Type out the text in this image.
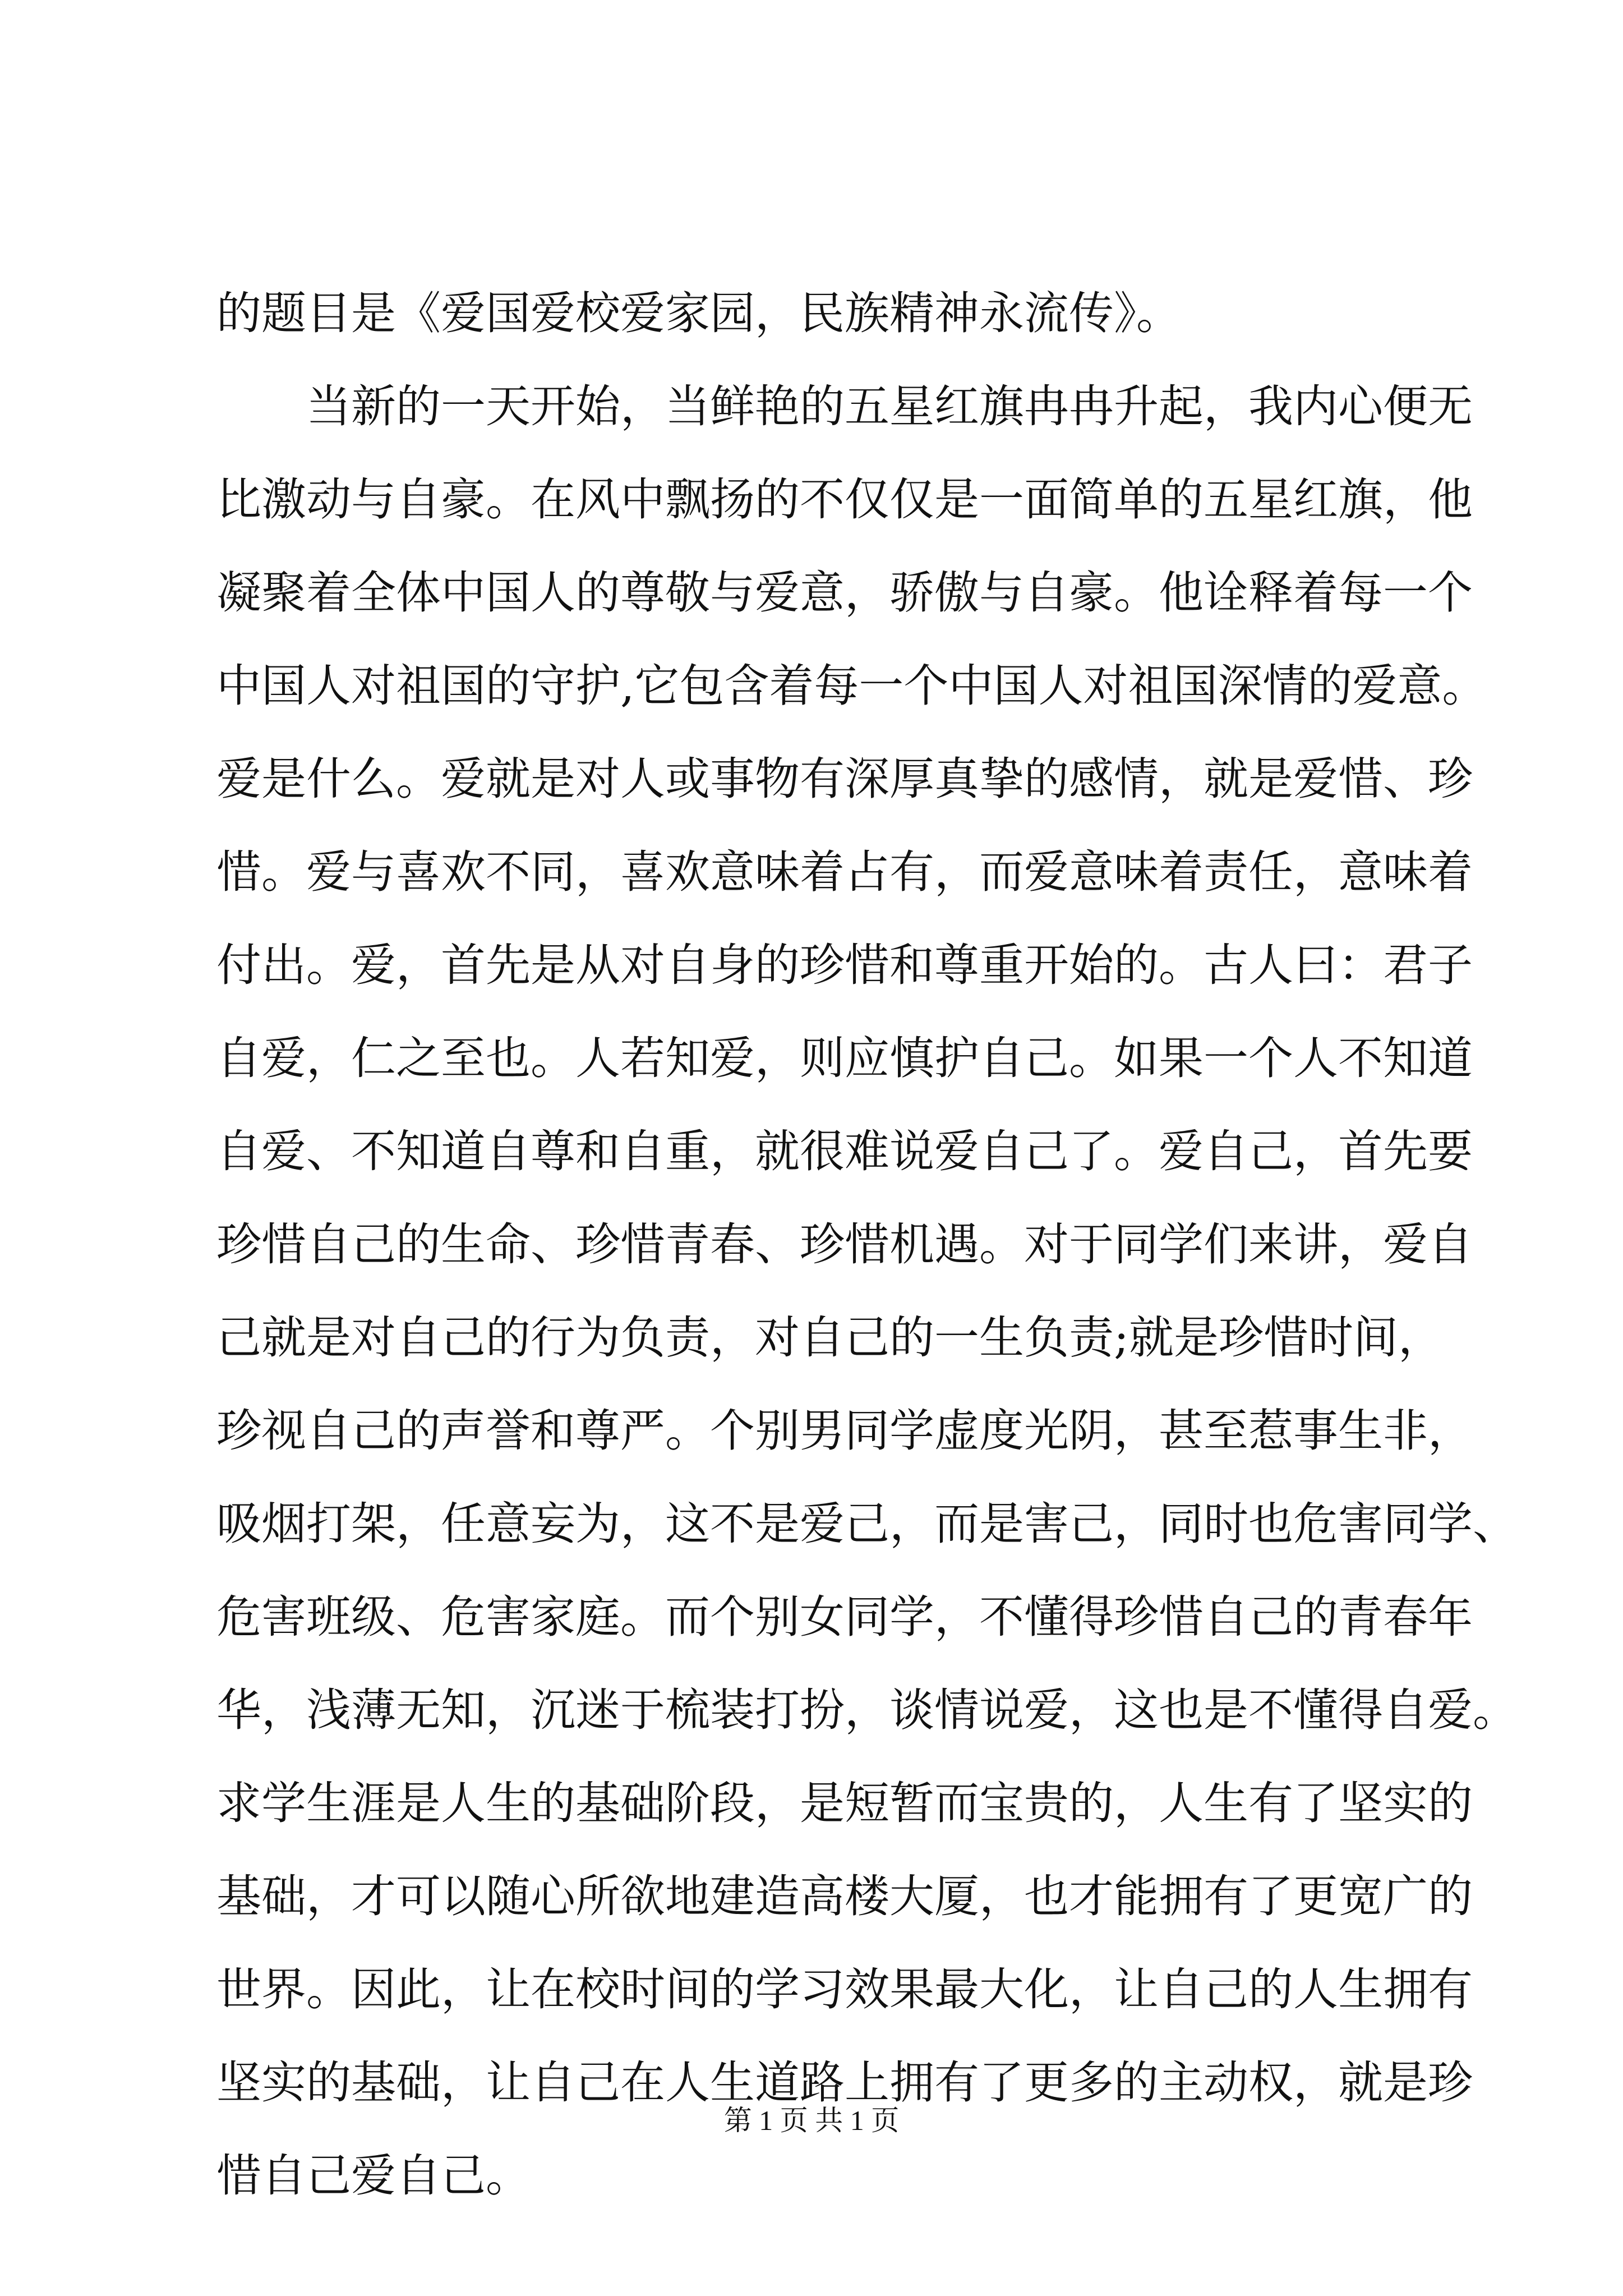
的题目是《爱国爱校爱家园，民族精神永流传》。
　　当新的一天开始，当鲜艳的五星红旗冉冉升起，我内心便无
比激动与自豪。在风中飘扬的不仅仅是一面简单的五星红旗，他
凝聚着全体中国人的尊敬与爱意，骄傲与自豪。他诠释着每一个
中国人对祖国的守护,它包含着每一个中国人对祖国深情的爱意。
爱是什么。爱就是对人或事物有深厚真挚的感情，就是爱惜、珍
惜。爱与喜欢不同，喜欢意味着占有，而爱意味着责任，意味着
付出。爱，首先是从对自身的珍惜和尊重开始的。古人曰：君子
自爱，仁之至也。人若知爱，则应慎护自己。如果一个人不知道
自爱、不知道自尊和自重，就很难说爱自己了。爱自己，首先要
珍惜自己的生命、珍惜青春、珍惜机遇。对于同学们来讲，爱自
己就是对自己的行为负责，对自己的一生负责;就是珍惜时间，
珍视自己的声誉和尊严。个别男同学虚度光阴，甚至惹事生非，
吸烟打架，任意妄为，这不是爱己，而是害己，同时也危害同学、
危害班级、危害家庭。而个别女同学，不懂得珍惜自己的青春年
华，浅薄无知，沉迷于梳装打扮，谈情说爱，这也是不懂得自爱。
求学生涯是人生的基础阶段，是短暂而宝贵的，人生有了坚实的
基础，才可以随心所欲地建造高楼大厦，也才能拥有了更宽广的
世界。因此，让在校时间的学习效果最大化，让自己的人生拥有
坚实的基础，让自己在人生道路上拥有了更多的主动权，就是珍
惜自己爱自己。
第 1 页 共 1 页
